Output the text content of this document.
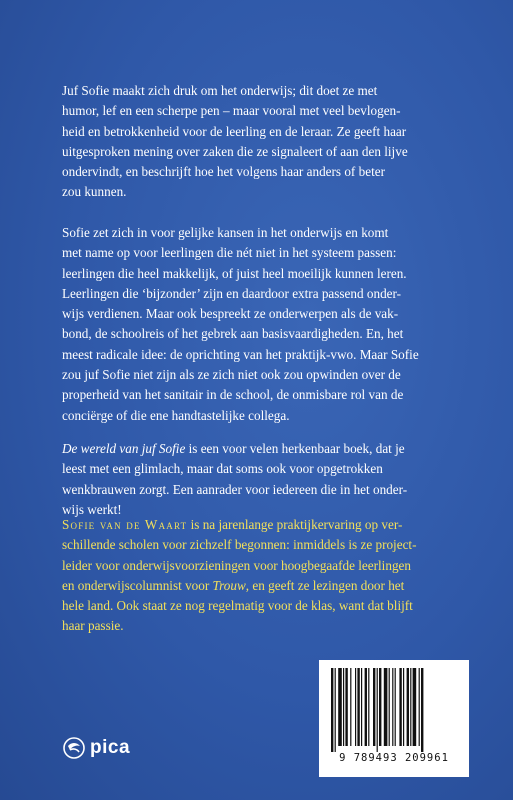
Juf Sofie maakt zich druk om het onderwijs; dit doet ze met
humor, lef en een scherpe pen – maar vooral met veel bevlogen-
heid en betrokkenheid voor de leerling en de leraar. Ze geeft haar
uitgesproken mening over zaken die ze signaleert of aan den lijve
ondervindt, en beschrijft hoe het volgens haar anders of beter
zou kunnen.
Sofie zet zich in voor gelijke kansen in het onderwijs en komt
met name op voor leerlingen die nét niet in het systeem passen:
leerlingen die heel makkelijk, of juist heel moeilijk kunnen leren.
Leerlingen die ‘bijzonder’ zijn en daardoor extra passend onder-
wijs verdienen. Maar ook bespreekt ze onderwerpen als de vak-
bond, de schoolreis of het gebrek aan basisvaardigheden. En, het
meest radicale idee: de oprichting van het praktijk-vwo. Maar Sofie
zou juf Sofie niet zijn als ze zich niet ook zou opwinden over de
properheid van het sanitair in de school, de onmisbare rol van de
conciërge of die ene handtastelijke collega.
De wereld van juf Sofie is een voor velen herkenbaar boek, dat je
leest met een glimlach, maar dat soms ook voor opgetrokken
wenkbrauwen zorgt. Een aanrader voor iedereen die in het onder-
wijs werkt!
Sofie van de Waart is na jarenlange praktijkervaring op ver-
schillende scholen voor zichzelf begonnen: inmiddels is ze project-
leider voor onderwijsvoorzieningen voor hoogbegaafde leerlingen
en onderwijscolumnist voor Trouw, en geeft ze lezingen door het
hele land. Ook staat ze nog regelmatig voor de klas, want dat blijft
haar passie.
9 789493 209961
pica
